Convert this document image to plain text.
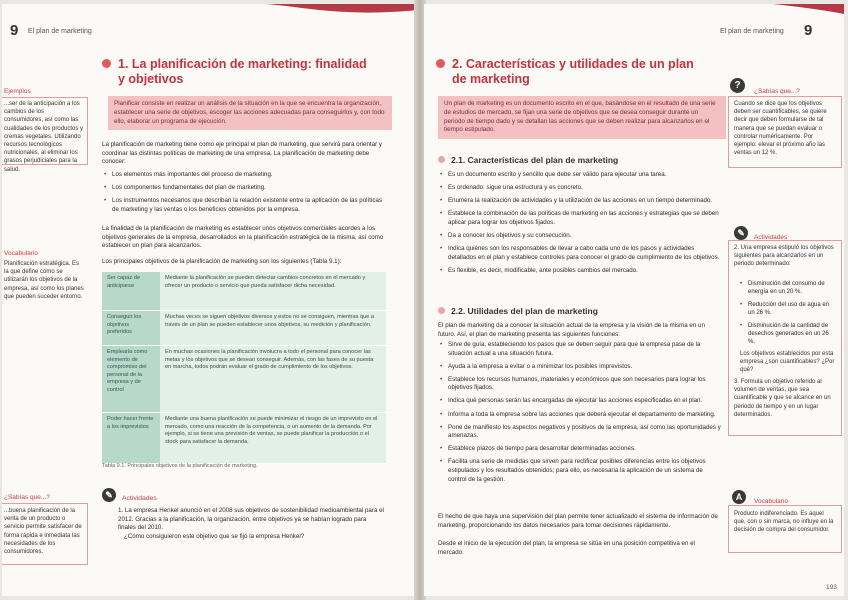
9 El plan de marketing
1. La planificación de marketing: finalidad
y objetivos
Planificar consiste en realizar un análisis de la situación en la que se encuentra la organización, establecer una serie de objetivos, escoger las acciones adecuadas para conseguirlos y, con todo ello, elaborar un programa de ejecución.
La planificación de marketing tiene como eje principal el plan de marketing, que servirá para orientar y coordinar las distintas políticas de marketing de una empresa. La planificación de marketing debe conocer:
• Los elementos más importantes del proceso de marketing.
• Los componentes fundamentales del plan de marketing.
• Los instrumentos necesarios que describan la relación existente entre la aplicación de las políticas de marketing y las ventas o los beneficios obtenidos por la empresa.
La finalidad de la planificación de marketing es establecer unos objetivos comerciales acordes a los objetivos generales de la empresa, desarrollados en la planificación estratégica de la misma, así como establecer un plan para alcanzarlos.
Los principales objetivos de la planificación de marketing son los siguientes (Tabla 9.1):
Ser capaz de anticiparse	Mediante la planificación se pueden detectar cambios concretos en el mercado y ofrecer un producto o servicio que pueda satisfacer dicha necesidad.
Conseguir los objetivos preferidos	Muchas veces se siguen objetivos diversos y estos no se consiguen, mientras que a través de un plan se pueden establecer unos objetivos, su medición y planificación.
Emplearla como elemento de compromiso del personal de la empresa y de control	En muchas ocasiones la planificación involucra a todo el personal para conocer las metas y los objetivos que se desean conseguir. Además, con las fases de su puesta en marcha, todos podrán evaluar el grado de cumplimiento de los objetivos.
Poder hacer frente a los imprevistos	Mediante una buena planificación se puede minimizar el riesgo de un imprevisto en el mercado, como una reacción de la competencia, o un aumento de la demanda. Por ejemplo, si se tiene una previsión de ventas, se puede planificar la producción o el stock para satisfacer la demanda.
Tabla 9.1. Principales objetivos de la planificación de marketing.
✎	Actividades
1. La empresa Henkel anunció en el 2008 sus objetivos de sostenibilidad medioambiental para el 2012. Gracias a la planificación, la organización, entre objetivos ya se habían logrado para finales del 2010.
¿Cómo consiguieron este objetivo que se fijó la empresa Henkel?
Ejemplos
...ser de la anticipación a los cambios de los consumidores, así como las cualidades de los productos y cremas vegetales. Utilizando recursos tecnológicos nutricionales, al eliminar los grasos perjudiciales para la salud.
Vocabulario
Planificación estratégica. Es la que define cómo se utilizarán los objetivos de la empresa, así como los planes que pueden suceder entorno.
¿Sabías que...?
...buena planificación de la venta de un producto o servicio permite satisfacer de forma rápida e inmediata las necesidades de los consumidores.
El plan de marketing 9
2. Características y utilidades de un plan
de marketing
Un plan de marketing es un documento escrito en el que, basándose en el resultado de una serie de estudios de mercado, se fijan una serie de objetivos que se desea conseguir durante un periodo de tiempo dado y se detallan las acciones que se deben realizar para alcanzarlos en el tiempo estipulado.
2.1. Características del plan de marketing
• Es un documento escrito y sencillo que debe ser válido para ejecutar una tarea.
• Es ordenado: sigue una estructura y es concreto.
• Enumera la realización de actividades y la utilización de las acciones en un tiempo determinado.
• Establece la combinación de las políticas de marketing en las acciones y estrategias que se deben aplicar para lograr los objetivos fijados.
• Da a conocer los objetivos y su consecución.
• Indica quiénes son los responsables de llevar a cabo cada uno de los pasos y actividades detallados en el plan y establece controles para conocer el grado de cumplimiento de los objetivos.
• Es flexible, es decir, modificable, ante posibles cambios del mercado.
2.2. Utilidades del plan de marketing
El plan de marketing da a conocer la situación actual de la empresa y la visión de la misma en un futuro. Así, el plan de marketing presenta las siguientes funciones:
• Sirve de guía, estableciendo los pasos que se deben seguir para que la empresa pase de la situación actual a una situación futura.
• Ayuda a la empresa a evitar o a minimizar los posibles imprevistos.
• Establece los recursos humanos, materiales y económicos que son necesarios para lograr los objetivos fijados.
• Indica qué personas serán las encargadas de ejecutar las acciones especificadas en el plan.
• Informa a toda la empresa sobre las acciones que deberá ejecutar el departamento de marketing.
• Pone de manifiesto los aspectos negativos y positivos de la empresa, así como las oportunidades y amenazas.
• Establece plazos de tiempo para desarrollar determinadas acciones.
• Facilita una serie de medidas que sirven para rectificar posibles diferencias entre los objetivos estipulados y los resultados obtenidos; para ello, es necesaria la aplicación de un sistema de control de la gestión.
El hecho de que haya una supervisión del plan permite tener actualizado el sistema de información de marketing, proporcionando los datos necesarios para tomar decisiones rápidamente.
Desde el inicio de la ejecución del plan, la empresa se sitúa en una posición competitiva en el mercado.
?
¿Sabías que...?
Cuando se dice que los objetivos deben ser cuantificables, se quiere decir que deben formularse de tal manera que se puedan evaluar o controlar numéricamente. Por ejemplo: elevar el próximo año las ventas un 12 %.
✎	Actividades
2. Una empresa estipuló los objetivos siguientes para alcanzarlos en un periodo determinado:
• Disminución del consumo de energía en un 20 %.
• Reducción del uso de agua en un 26 %.
• Disminución de la cantidad de desechos generados en un 26 %.
Los objetivos establecidos por esta empresa ¿son cuantificables? ¿Por qué?
3. Formula un objetivo referido al volumen de ventas, que sea cuantificable y que se alcance en un periodo de tiempo y en un lugar determinados.
A	Vocabulario
Producto indiferenciado. Es aquel que, con o sin marca, no influye en la decisión de compra del consumidor.
193
